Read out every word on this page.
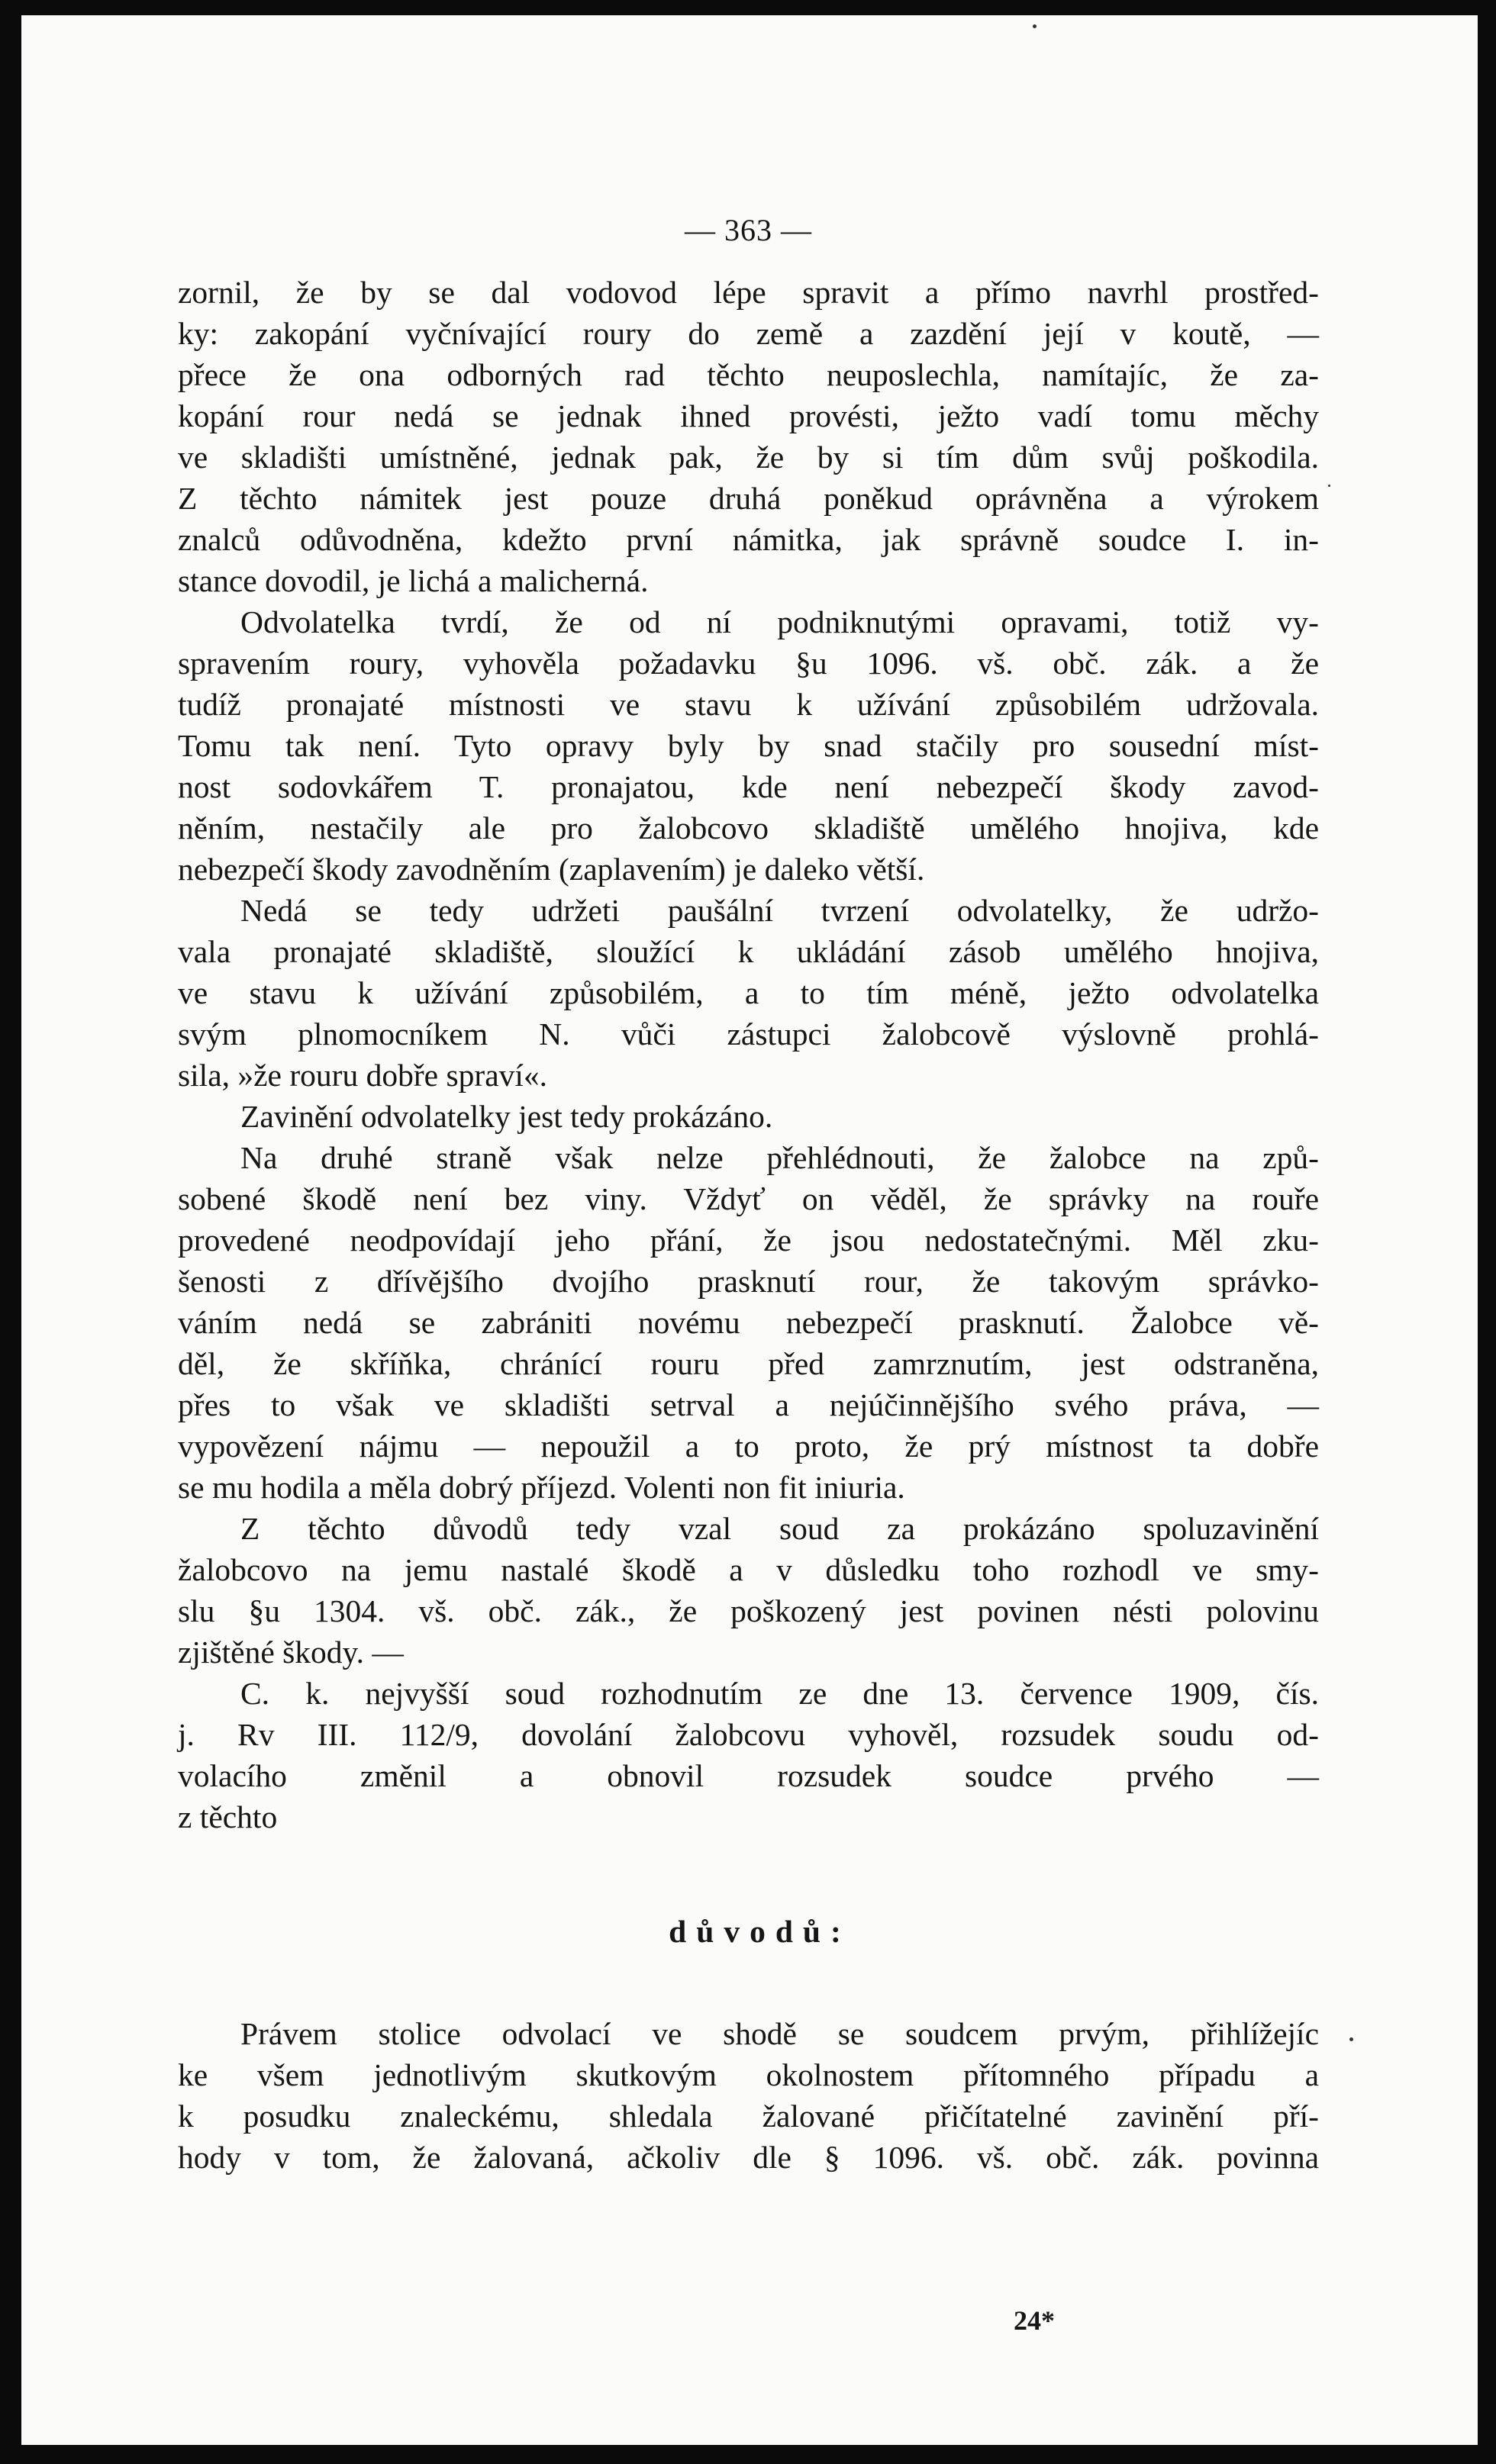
— 363 —
zornil, že by se dal vodovod lépe spravit a přímo navrhl prostřed-
ky: zakopání vyčnívající roury do země a zazdění její v koutě, —
přece že ona odborných rad těchto neuposlechla, namítajíc, že za-
kopání rour nedá se jednak ihned provésti, ježto vadí tomu měchy
ve skladišti umístněné, jednak pak, že by si tím dům svůj poškodila.
Z těchto námitek jest pouze druhá poněkud oprávněna a výrokem
znalců odůvodněna, kdežto první námitka, jak správně soudce I. in-
stance dovodil, je lichá a malicherná.
Odvolatelka tvrdí, že od ní podniknutými opravami, totiž vy-
spravením roury, vyhověla požadavku §u 1096. vš. obč. zák. a že
tudíž pronajaté místnosti ve stavu k užívání způsobilém udržovala.
Tomu tak není. Tyto opravy byly by snad stačily pro sousední míst-
nost sodovkářem T. pronajatou, kde není nebezpečí škody zavod-
něním, nestačily ale pro žalobcovo skladiště umělého hnojiva, kde
nebezpečí škody zavodněním (zaplavením) je daleko větší.
Nedá se tedy udržeti paušální tvrzení odvolatelky, že udržo-
vala pronajaté skladiště, sloužící k ukládání zásob umělého hnojiva,
ve stavu k užívání způsobilém, a to tím méně, ježto odvolatelka
svým plnomocníkem N. vůči zástupci žalobcově výslovně prohlá-
sila, »že rouru dobře spraví«.
Zavinění odvolatelky jest tedy prokázáno.
Na druhé straně však nelze přehlédnouti, že žalobce na způ-
sobené škodě není bez viny. Vždyť on věděl, že správky na rouře
provedené neodpovídají jeho přání, že jsou nedostatečnými. Měl zku-
šenosti z dřívějšího dvojího prasknutí rour, že takovým správko-
váním nedá se zabrániti novému nebezpečí prasknutí. Žalobce vě-
děl, že skříňka, chránící rouru před zamrznutím, jest odstraněna,
přes to však ve skladišti setrval a nejúčinnějšího svého práva, —
vypovězení nájmu — nepoužil a to proto, že prý místnost ta dobře
se mu hodila a měla dobrý příjezd. Volenti non fit iniuria.
Z těchto důvodů tedy vzal soud za prokázáno spoluzavinění
žalobcovo na jemu nastalé škodě a v důsledku toho rozhodl ve smy-
slu §u 1304. vš. obč. zák., že poškozený jest povinen nésti polovinu
zjištěné škody. —
C. k. nejvyšší soud rozhodnutím ze dne 13. července 1909, čís.
j. Rv III. 112/9, dovolání žalobcovu vyhověl, rozsudek soudu od-
volacího změnil a obnovil rozsudek soudce prvého —
z těchto
důvodů:
Právem stolice odvolací ve shodě se soudcem prvým, přihlížejíc
ke všem jednotlivým skutkovým okolnostem přítomného případu a
k posudku znaleckému, shledala žalované přičítatelné zavinění pří-
hody v tom, že žalovaná, ačkoliv dle § 1096. vš. obč. zák. povinna
24*
